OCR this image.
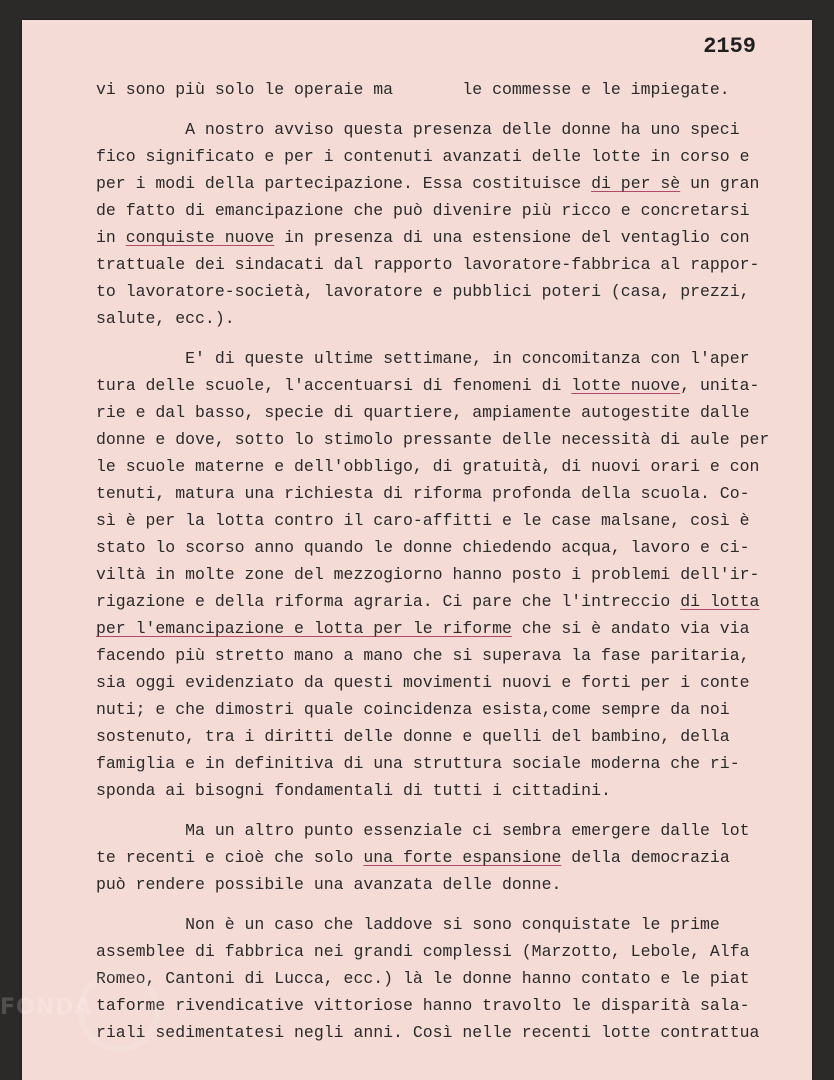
2159
vi sono più solo le operaie ma       le commesse e le impiegate.
A nostro avviso questa presenza delle donne ha uno speci
fico significato e per i contenuti avanzati delle lotte in corso e
per i modi della partecipazione. Essa costituisce di per sè un gran
de fatto di emancipazione che può divenire più ricco e concretarsi
in conquiste nuove in presenza di una estensione del ventaglio con
trattuale dei sindacati dal rapporto lavoratore-fabbrica al rappor-
to lavoratore-società, lavoratore e pubblici poteri (casa, prezzi,
salute, ecc.).
E' di queste ultime settimane, in concomitanza con l'aper
tura delle scuole, l'accentuarsi di fenomeni di lotte nuove, unita-
rie e dal basso, specie di quartiere, ampiamente autogestite dalle
donne e dove, sotto lo stimolo pressante delle necessità di aule per
le scuole materne e dell'obbligo, di gratuità, di nuovi orari e con
tenuti, matura una richiesta di riforma profonda della scuola. Co-
sì è per la lotta contro il caro-affitti e le case malsane, così è
stato lo scorso anno quando le donne chiedendo acqua, lavoro e ci-
viltà in molte zone del mezzogiorno hanno posto i problemi dell'ir-
rigazione e della riforma agraria. Ci pare che l'intreccio di lotta
per l'emancipazione e lotta per le riforme che si è andato via via
facendo più stretto mano a mano che si superava la fase paritaria,
sia oggi evidenziato da questi movimenti nuovi e forti per i conte
nuti; e che dimostri quale coincidenza esista,come sempre da noi
sostenuto, tra i diritti delle donne e quelli del bambino, della
famiglia e in definitiva di una struttura sociale moderna che ri-
sponda ai bisogni fondamentali di tutti i cittadini.
Ma un altro punto essenziale ci sembra emergere dalle lot
te recenti e cioè che solo una forte espansione della democrazia
può rendere possibile una avanzata delle donne.
Non è un caso che laddove si sono conquistate le prime
assemblee di fabbrica nei grandi complessi (Marzotto, Lebole, Alfa
Romeo, Cantoni di Lucca, ecc.) là le donne hanno contato e le piat
taforme rivendicative vittoriose hanno travolto le disparità sala-
riali sedimentatesi negli anni. Così nelle recenti lotte contrattua
FONDA
